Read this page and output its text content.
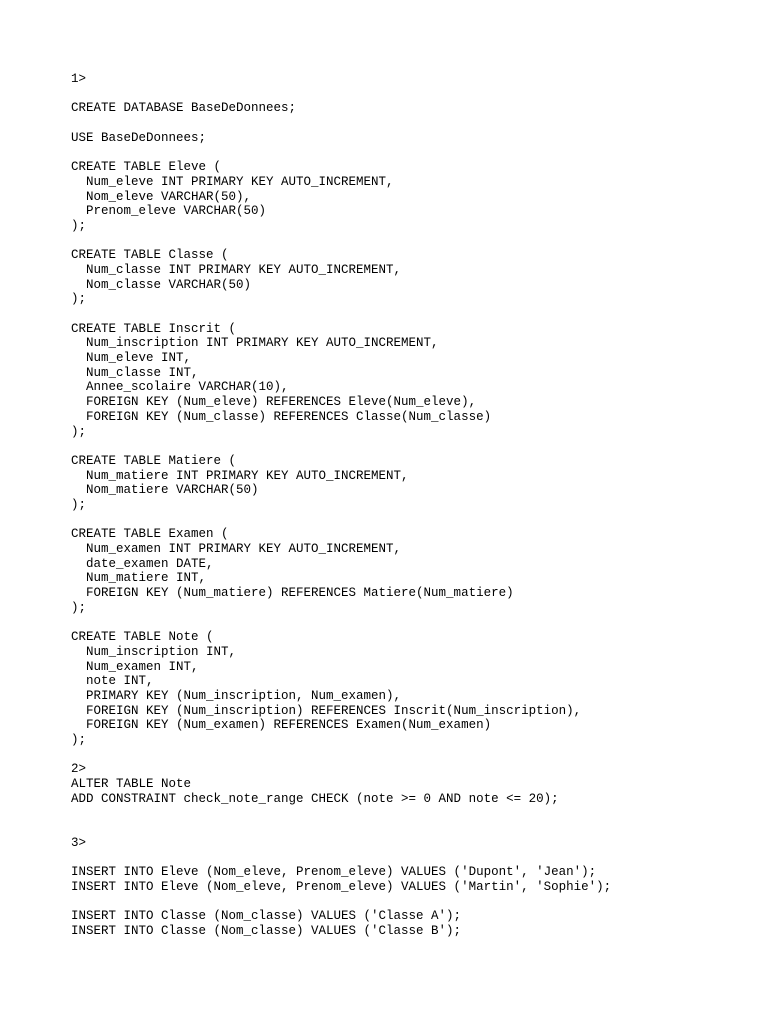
1>
CREATE DATABASE BaseDeDonnees;
USE BaseDeDonnees;
CREATE TABLE Eleve (
Num_eleve INT PRIMARY KEY AUTO_INCREMENT,
Nom_eleve VARCHAR(50),
Prenom_eleve VARCHAR(50)
);
CREATE TABLE Classe (
Num_classe INT PRIMARY KEY AUTO_INCREMENT,
Nom_classe VARCHAR(50)
);
CREATE TABLE Inscrit (
Num_inscription INT PRIMARY KEY AUTO_INCREMENT,
Num_eleve INT,
Num_classe INT,
Annee_scolaire VARCHAR(10),
FOREIGN KEY (Num_eleve) REFERENCES Eleve(Num_eleve),
FOREIGN KEY (Num_classe) REFERENCES Classe(Num_classe)
);
CREATE TABLE Matiere (
Num_matiere INT PRIMARY KEY AUTO_INCREMENT,
Nom_matiere VARCHAR(50)
);
CREATE TABLE Examen (
Num_examen INT PRIMARY KEY AUTO_INCREMENT,
date_examen DATE,
Num_matiere INT,
FOREIGN KEY (Num_matiere) REFERENCES Matiere(Num_matiere)
);
CREATE TABLE Note (
Num_inscription INT,
Num_examen INT,
note INT,
PRIMARY KEY (Num_inscription, Num_examen),
FOREIGN KEY (Num_inscription) REFERENCES Inscrit(Num_inscription),
FOREIGN KEY (Num_examen) REFERENCES Examen(Num_examen)
);
2>
ALTER TABLE Note
ADD CONSTRAINT check_note_range CHECK (note >= 0 AND note <= 20);
3>
INSERT INTO Eleve (Nom_eleve, Prenom_eleve) VALUES ('Dupont', 'Jean');
INSERT INTO Eleve (Nom_eleve, Prenom_eleve) VALUES ('Martin', 'Sophie');
INSERT INTO Classe (Nom_classe) VALUES ('Classe A');
INSERT INTO Classe (Nom_classe) VALUES ('Classe B');
